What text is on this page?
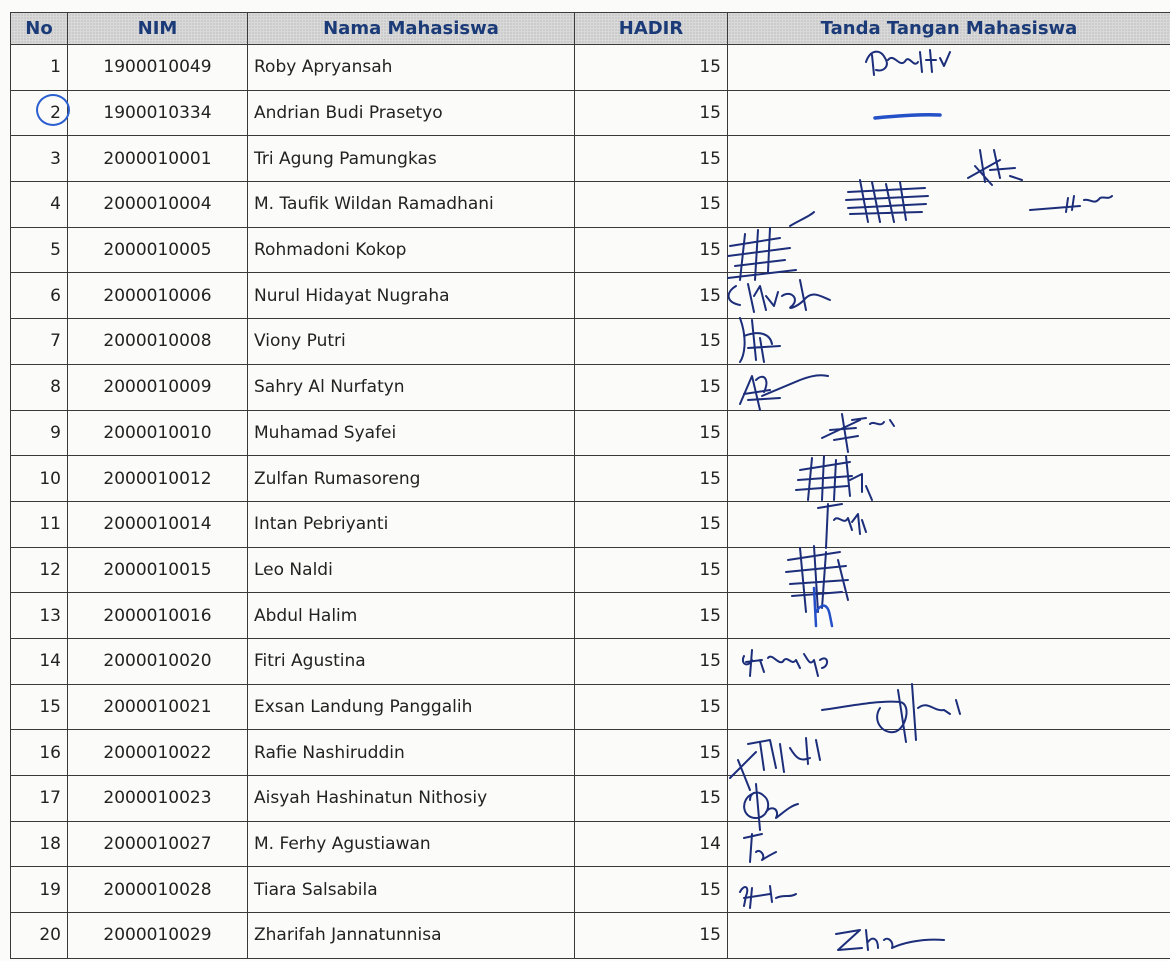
No	NIM	Nama Mahasiswa	HADIR	Tanda Tangan Mahasiswa
1	1900010049	Roby Apryansah	15	

2	1900010334	Andrian Budi Prasetyo	15	
3	2000010001	Tri Agung Pamungkas	15	
4	2000010004	M. Taufik Wildan Ramadhani	15	
5	2000010005	Rohmadoni Kokop	15	
6	2000010006	Nurul Hidayat Nugraha	15	
7	2000010008	Viony Putri	15	
8	2000010009	Sahry Al Nurfatyn	15	
9	2000010010	Muhamad Syafei	15	
10	2000010012	Zulfan Rumasoreng	15	
11	2000010014	Intan Pebriyanti	15	
12	2000010015	Leo Naldi	15	
13	2000010016	Abdul Halim	15	
14	2000010020	Fitri Agustina	15	
15	2000010021	Exsan Landung Panggalih	15	
16	2000010022	Rafie Nashiruddin	15	
17	2000010023	Aisyah Hashinatun Nithosiy	15	
18	2000010027	M. Ferhy Agustiawan	14	
19	2000010028	Tiara Salsabila	15	
20	2000010029	Zharifah Jannatunnisa	15	
